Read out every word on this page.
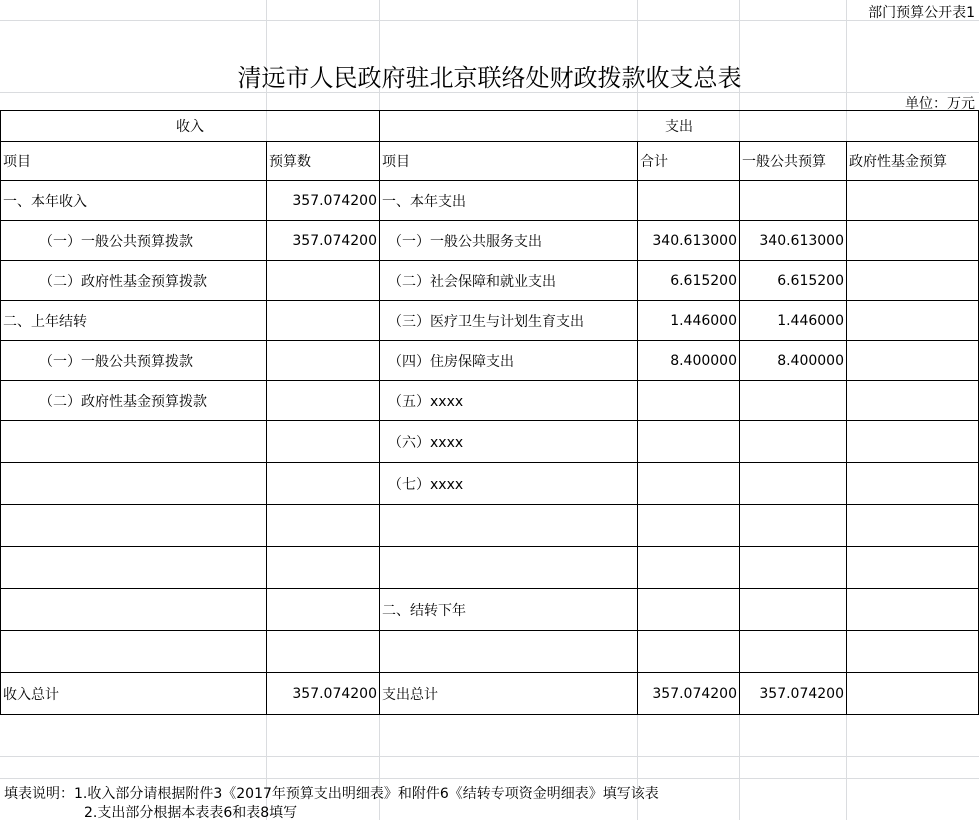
部门预算公开表1
清远市人民政府驻北京联络处财政拨款收支总表
单位：万元
收入		支出			
项目	预算数	项目	合计	一般公共预算	政府性基金预算
一、本年收入	357.074200	一、本年支出			
（一）一般公共预算拨款	357.074200	（一）一般公共服务支出	340.613000	340.613000	
（二）政府性基金预算拨款		（二）社会保障和就业支出	6.615200	6.615200	
二、上年结转		（三）医疗卫生与计划生育支出	1.446000	1.446000	
（一）一般公共预算拨款		（四）住房保障支出	8.400000	8.400000	
（二）政府性基金预算拨款		（五）xxxx			
		（六）xxxx			
		（七）xxxx			

		二、结转下年			

收入总计	357.074200	支出总计	357.074200	357.074200	
填表说明：1.收入部分请根据附件3《2017年预算支出明细表》和附件6《结转专项资金明细表》填写该表
2.支出部分根据本表表6和表8填写
